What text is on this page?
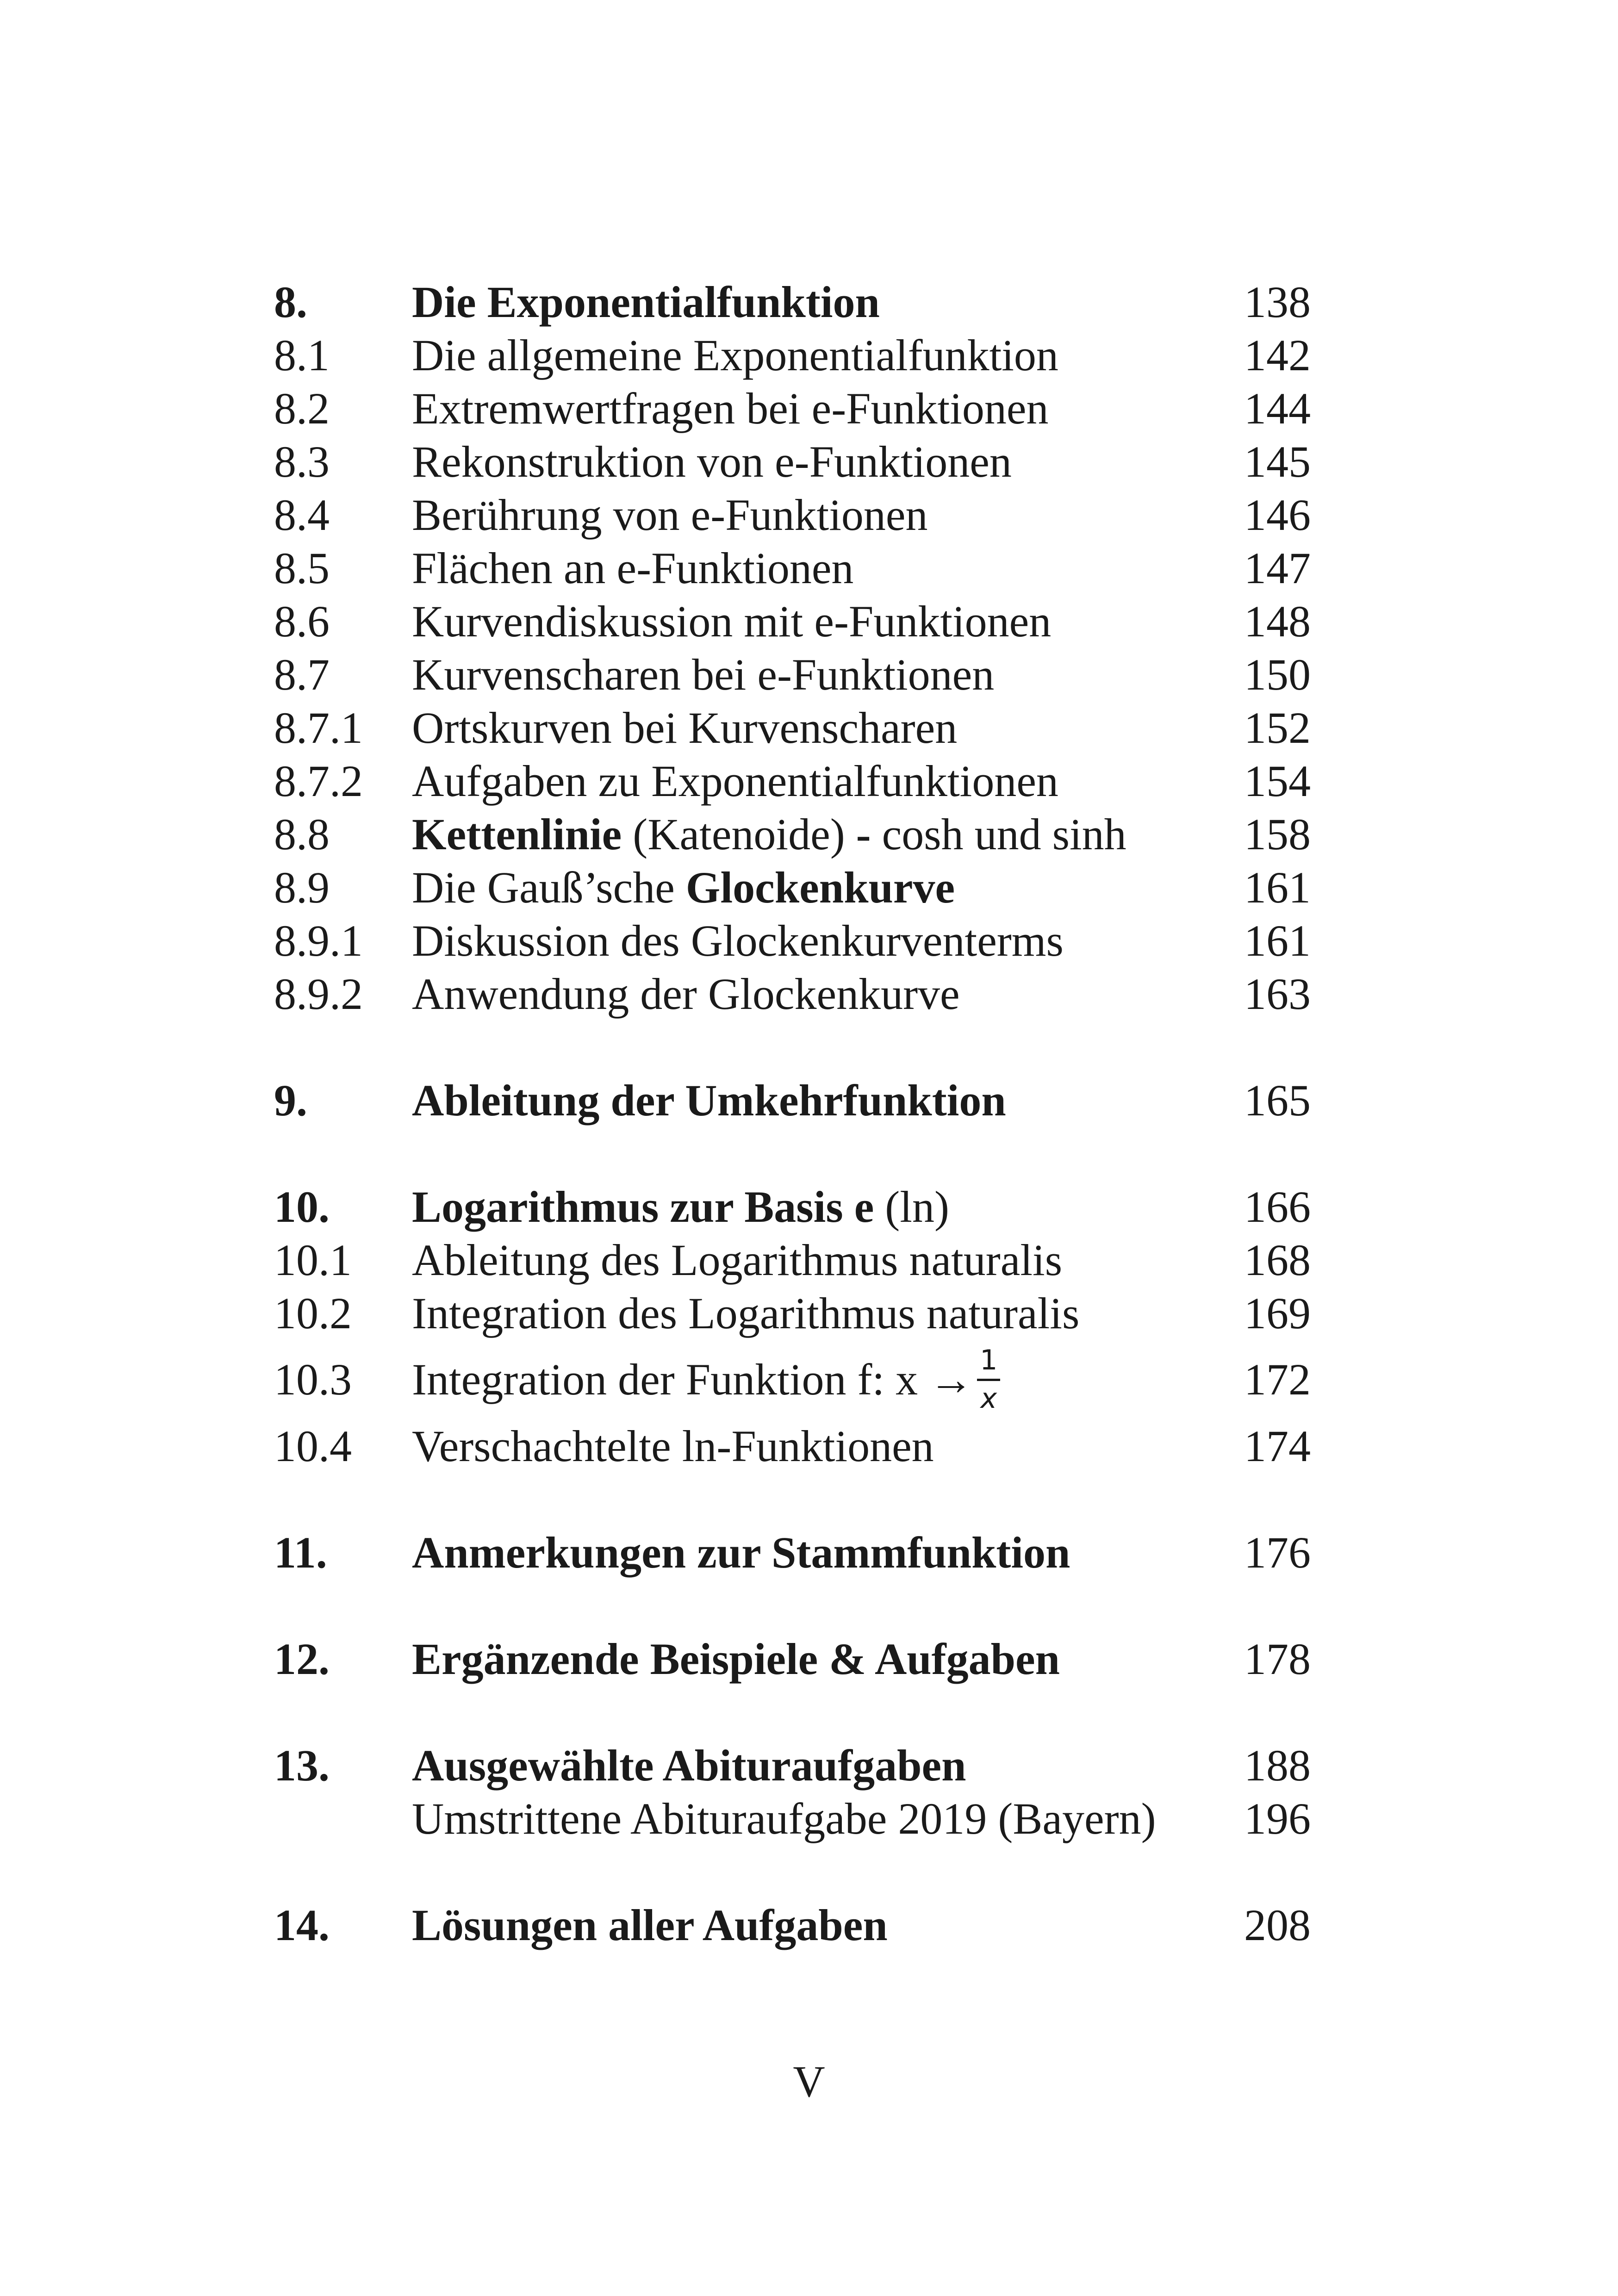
8. Die Exponentialfunktion	138
8.1 Die allgemeine Exponentialfunktion	142
8.2 Extremwertfragen bei e-Funktionen	144
8.3 Rekonstruktion von e-Funktionen	145
8.4 Berührung von e-Funktionen	146
8.5 Flächen an e-Funktionen	147
8.6 Kurvendiskussion mit e-Funktionen	148
8.7 Kurvenscharen bei e-Funktionen	150
8.7.1 Ortskurven bei Kurvenscharen	152
8.7.2 Aufgaben zu Exponentialfunktionen	154
8.8 Kettenlinie (Katenoide) - cosh und sinh	158
8.9 Die Gauß’sche Glockenkurve	161
8.9.1 Diskussion des Glockenkurventerms	161
8.9.2 Anwendung der Glockenkurve	163
9. Ableitung der Umkehrfunktion	165
10. Logarithmus zur Basis e (ln)	166
10.1 Ableitung des Logarithmus naturalis	168
10.2 Integration des Logarithmus naturalis	169
10.3 Integration der Funktion f: $x \to \frac{1}{x}$	172
10.4 Verschachtelte ln-Funktionen	174
11. Anmerkungen zur Stammfunktion	176
12. Ergänzende Beispiele & Aufgaben	178
13. Ausgewählte Abituraufgaben	188
Umstrittene Abituraufgabe 2019 (Bayern) 196
14. Lösungen aller Aufgaben	208
V
